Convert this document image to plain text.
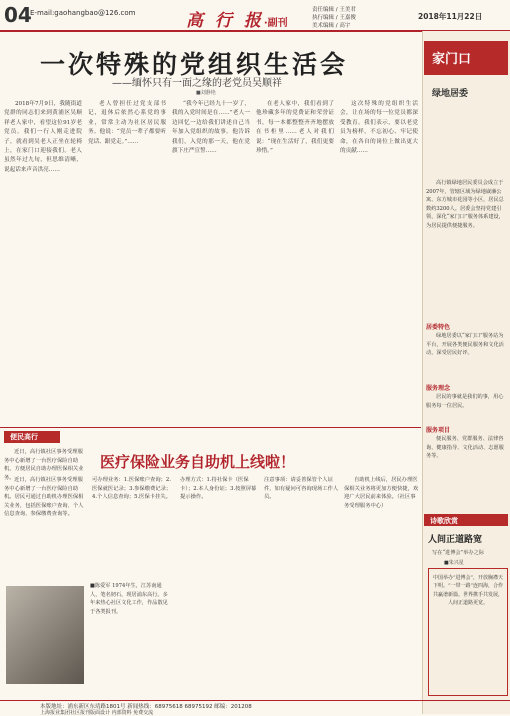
04
E-mail:gaohangbao@126.com	高 行 报·副刊
责任编辑 / 王美君
执行编辑 / 王嘉俊
美术编辑 / 高宇
2018年11月22日
一次特殊的党组织生活会
——缅怀只有一面之缘的老党员吴顺祥
■刘静艳

2018年7月9日，我随街道党群的同志们来到黄浦区吴顺祥老人家中，看望这位91岁老党员。我们一行人刚走进院子，就看到吴老人正坐在轮椅上，在家门口迎接我们。老人虽然年过九旬，但思维清晰，说起话来声音洪亮……

老人曾担任过党支部书记，退休后依然心系党的事业，常常主动为社区居民服务。他说：“党员一辈子都要听党话、跟党走。”……

“我今年已经九十一岁了，我的入党时间是在……”老人一边回忆一边给我们讲述自己当年加入党组织的故事。他告诉我们，入党的那一天，他在党旗下庄严宣誓……

在老人家中，我们看到了他珍藏多年的党费证和荣誉证书，每一本都整整齐齐地摆放在书柜里……老人对我们说：“现在生活好了，我们更要珍惜。”

这次特殊的党组织生活会，让在场的每一位党员都深受教育。我们表示，要以老党员为榜样，不忘初心、牢记使命，在各自的岗位上做出更大的贡献……

家门口
绿地居委
高行镇绿地居民委员会成立于2007年，管辖区域为绿地崴廉公寓、东方城市花园等小区，居民总数约3200人。居委会坚持党建引领，深化“家门口”服务体系建设，为居民提供便捷服务。
居委特色
绿地居委以“家门口”服务站为平台，开展各类便民服务和文化活动，深受居民好评。
服务理念
居民的事就是我们的事，用心服务每一位居民。
服务项目
便民服务、党群服务、法律咨询、健康指导、文化活动、志愿服务等。
诗歌欣赏
人间正道路宽
写在“进博会”举办之际
■朱兴星
中国举办“进博会”，开放胸襟天下明。“一带一路”连四海，合作共赢谱新篇。世界携手共发展，人间正道路更宽。
便民高行
医疗保险业务自助机上线啦！
近日，高行镇社区事务受理服务中心新增了一台医疗保险自助机，方便居民自助办理医保相关业务。 近日，高行镇社区事务受理服务中心新增了一台医疗保险自助机。居民可通过自助机办理医保相关业务，包括医保账户查询、个人信息查询、参保缴费查询等。
可办理业务：1.医保账户查询；2.医保就医记录；3.参保缴费记录；4.个人信息查询；5.医保卡挂失。
办理方式：1.持社保卡（医保卡）；2.本人身份证；3.按照屏幕提示操作。
注意事项：请妥善保管个人证件，如有疑问可咨询现场工作人员。
自助机上线后，居民办理医保相关业务将更加方便快捷，欢迎广大居民前来体验。（社区事务受理服务中心）
■陈爱军 1974年生，江苏南通人，笔名韧石，现居浦东高行。多年来热心社区文化工作，作品散见于各类报刊。
本版地址：浦东新区东靖路1801号 新闻热线：68975618 68975192 邮编：201208
上海报业集团社区报刊版面设计 内部资料 免费交流
